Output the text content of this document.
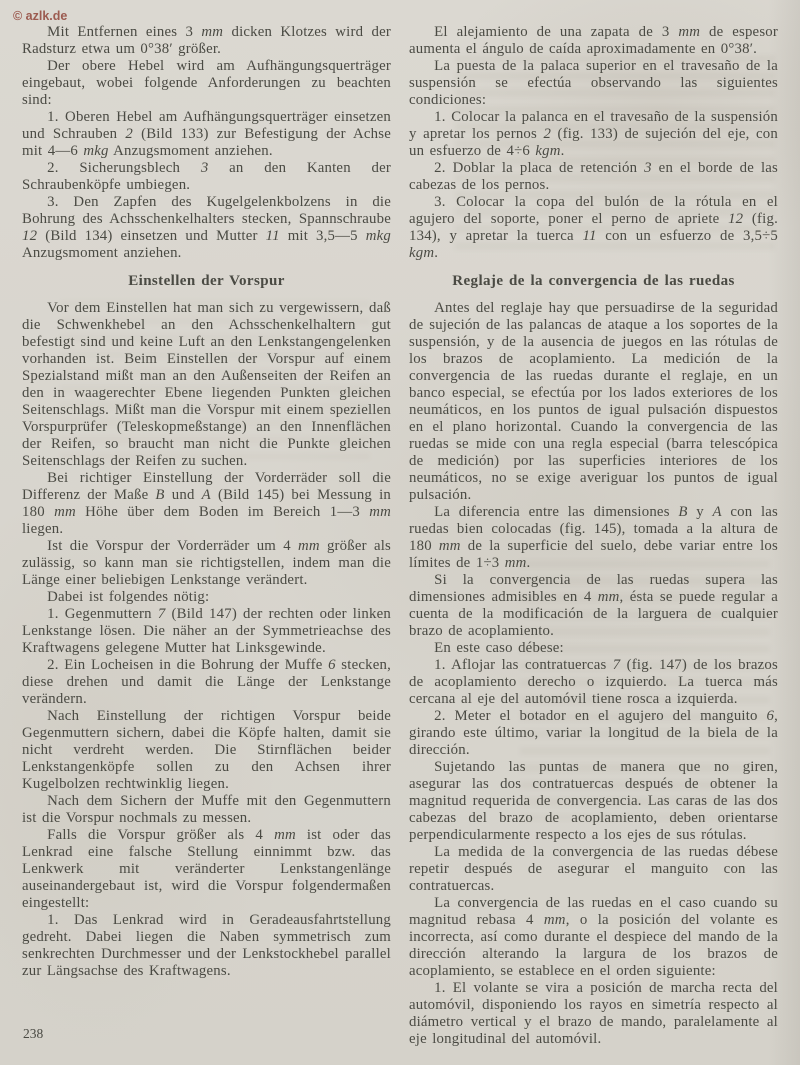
© azlk.de

Mit Entfernen eines 3 mm dicken Klotzes wird der Radsturz etwa um 0°38′ größer.

Der obere Hebel wird am Aufhängungsquerträger eingebaut, wobei folgende Anforderungen zu beachten sind:

1. Oberen Hebel am Aufhängungsquerträger einsetzen und Schrauben 2 (Bild 133) zur Befestigung der Achse mit 4—6 mkg Anzugsmoment anziehen.

2. Sicherungsblech 3 an den Kanten der Schraubenköpfe umbiegen.

3. Den Zapfen des Kugelgelenkbolzens in die Bohrung des Achsschenkelhalters stecken, Spannschraube 12 (Bild 134) einsetzen und Mutter 11 mit 3,5—5 mkg Anzugsmoment anziehen.

Einstellen der Vorspur

Vor dem Einstellen hat man sich zu vergewissern, daß die Schwenkhebel an den Achsschenkelhaltern gut befestigt sind und keine Luft an den Lenkstangengelenken vorhanden ist. Beim Einstellen der Vorspur auf einem Spezialstand mißt man an den Außenseiten der Reifen an den in waagerechter Ebene liegenden Punkten gleichen Seitenschlags. Mißt man die Vorspur mit einem speziellen Vorspurprüfer (Teleskopmeßstange) an den Innenflächen der Reifen, so braucht man nicht die Punkte gleichen Seitenschlags der Reifen zu suchen.

Bei richtiger Einstellung der Vorderräder soll die Differenz der Maße B und A (Bild 145) bei Messung in 180 mm Höhe über dem Boden im Bereich 1—3 mm liegen.

Ist die Vorspur der Vorderräder um 4 mm größer als zulässig, so kann man sie richtigstellen, indem man die Länge einer beliebigen Lenkstange verändert.

Dabei ist folgendes nötig:

1. Gegenmuttern 7 (Bild 147) der rechten oder linken Lenkstange lösen. Die näher an der Symmetrieachse des Kraftwagens gelegene Mutter hat Linksgewinde.

2. Ein Locheisen in die Bohrung der Muffe 6 stecken, diese drehen und damit die Länge der Lenkstange verändern.

Nach Einstellung der richtigen Vorspur beide Gegenmuttern sichern, dabei die Köpfe halten, damit sie nicht verdreht werden. Die Stirnflächen beider Lenkstangenköpfe sollen zu den Achsen ihrer Kugelbolzen rechtwinklig liegen.

Nach dem Sichern der Muffe mit den Gegenmuttern ist die Vorspur nochmals zu messen.

Falls die Vorspur größer als 4 mm ist oder das Lenkrad eine falsche Stellung einnimmt bzw. das Lenkwerk mit veränderter Lenkstangenlänge auseinandergebaut ist, wird die Vorspur folgendermaßen eingestellt:

1. Das Lenkrad wird in Geradeausfahrtstellung gedreht. Dabei liegen die Naben symmetrisch zum senkrechten Durchmesser und der Lenkstockhebel parallel zur Längsachse des Kraftwagens.

El alejamiento de una zapata de 3 mm de espesor aumenta el ángulo de caída aproximadamente en 0°38′.

La puesta de la palaca superior en el travesaño de la suspensión se efectúa observando las siguientes condiciones:

1. Colocar la palanca en el travesaño de la suspensión y apretar los pernos 2 (fig. 133) de sujeción del eje, con un esfuerzo de 4÷6 kgm.

2. Doblar la placa de retención 3 en el borde de las cabezas de los pernos.

3. Colocar la copa del bulón de la rótula en el agujero del soporte, poner el perno de apriete 12 (fig. 134), y apretar la tuerca 11 con un esfuerzo de 3,5÷5 kgm.

Reglaje de la convergencia de las ruedas

Antes del reglaje hay que persuadirse de la seguridad de sujeción de las palancas de ataque a los soportes de la suspensión, y de la ausencia de juegos en las rótulas de los brazos de acoplamiento. La medición de la convergencia de las ruedas durante el reglaje, en un banco especial, se efectúa por los lados exteriores de los neumáticos, en los puntos de igual pulsación dispuestos en el plano horizontal. Cuando la convergencia de las ruedas se mide con una regla especial (barra telescópica de medición) por las superficies interiores de los neumáticos, no se exige averiguar los puntos de igual pulsación.

La diferencia entre las dimensiones B y A con las ruedas bien colocadas (fig. 145), tomada a la altura de 180 mm de la superficie del suelo, debe variar entre los límites de 1÷3 mm.

Si la convergencia de las ruedas supera las dimensiones admisibles en 4 mm, ésta se puede regular a cuenta de la modificación de la larguera de cualquier brazo de acoplamiento.

En este caso débese:

1. Aflojar las contratuercas 7 (fig. 147) de los brazos de acoplamiento derecho o izquierdo. La tuerca más cercana al eje del automóvil tiene rosca a izquierda.

2. Meter el botador en el agujero del manguito 6, girando este último, variar la longitud de la biela de la dirección.

Sujetando las puntas de manera que no giren, asegurar las dos contratuercas después de obtener la magnitud requerida de convergencia. Las caras de las dos cabezas del brazo de acoplamiento, deben orientarse perpendicularmente respecto a los ejes de sus rótulas.

La medida de la convergencia de las ruedas débese repetir después de asegurar el manguito con las contratuercas.

La convergencia de las ruedas en el caso cuando su magnitud rebasa 4 mm, o la posición del volante es incorrecta, así como durante el despiece del mando de la dirección alterando la largura de los brazos de acoplamiento, se establece en el orden siguiente:

1. El volante se vira a posición de marcha recta del automóvil, disponiendo los rayos en simetría respecto al diámetro vertical y el brazo de mando, paralelamente al eje longitudinal del automóvil.

238
